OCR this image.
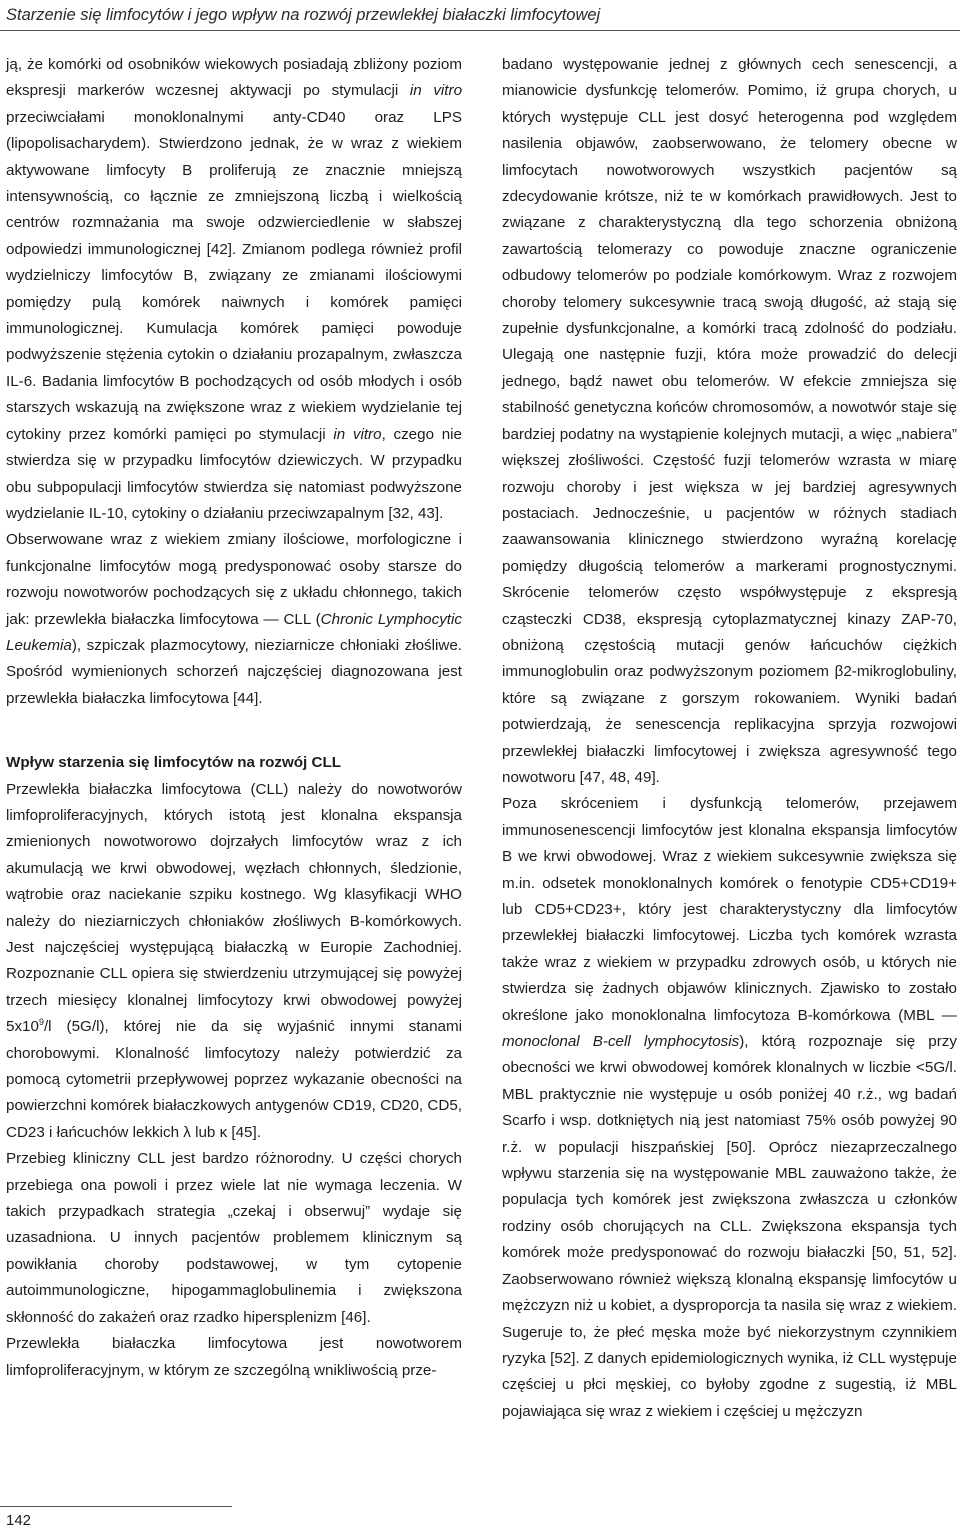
Starzenie się limfocytów i jego wpływ na rozwój przewlekłej białaczki limfocytowej

ją, że komórki od osobników wiekowych posiadają zbliżony poziom ekspresji markerów wczesnej aktywacji po stymulacji in vitro przeciwciałami monoklonalnymi anty-CD40 oraz LPS (lipopolisacharydem). Stwierdzono jednak, że w wraz z wiekiem aktywowane limfocyty B proliferują ze znacznie mniejszą intensywnością, co łącznie ze zmniejszoną liczbą i wielkością centrów rozmnażania ma swoje odzwierciedlenie w słabszej odpowiedzi immunologicznej [42]. Zmianom podlega również profil wydzielniczy limfocytów B, związany ze zmianami ilościowymi pomiędzy pulą komórek naiwnych i komórek pamięci immunologicznej. Kumulacja komórek pamięci powoduje podwyższenie stężenia cytokin o działaniu prozapalnym, zwłaszcza IL-6. Badania limfocytów B pochodzących od osób młodych i osób starszych wskazują na zwiększone wraz z wiekiem wydzielanie tej cytokiny przez komórki pamięci po stymulacji in vitro, czego nie stwierdza się w przypadku limfocytów dziewiczych. W przypadku obu subpopulacji limfocytów stwierdza się natomiast podwyższone wydzielanie IL-10, cytokiny o działaniu przeciwzapalnym [32, 43].

Obserwowane wraz z wiekiem zmiany ilościowe, morfologiczne i funkcjonalne limfocytów mogą predysponować osoby starsze do rozwoju nowotworów pochodzących się z układu chłonnego, takich jak: przewlekła białaczka limfocytowa — CLL (Chronic Lymphocytic Leukemia), szpiczak plazmocytowy, nieziarnicze chłoniaki złośliwe. Spośród wymienionych schorzeń najczęściej diagnozowana jest przewlekła białaczka limfocytowa [44].

Wpływ starzenia się limfocytów na rozwój CLL

Przewlekła białaczka limfocytowa (CLL) należy do nowotworów limfoproliferacyjnych, których istotą jest klonalna ekspansja zmienionych nowotworowo dojrzałych limfocytów wraz z ich akumulacją we krwi obwodowej, węzłach chłonnych, śledzionie, wątrobie oraz naciekanie szpiku kostnego. Wg klasyfikacji WHO należy do nieziarniczych chłoniaków złośliwych B-komórkowych. Jest najczęściej występującą białaczką w Europie Zachodniej. Rozpoznanie CLL opiera się stwierdzeniu utrzymującej się powyżej trzech miesięcy klonalnej limfocytozy krwi obwodowej powyżej $5x10^9/l$ (5G/l), której nie da się wyjaśnić innymi stanami chorobowymi. Klonalność limfocytozy należy potwierdzić za pomocą cytometrii przepływowej poprzez wykazanie obecności na powierzchni komórek białaczkowych antygenów CD19, CD20, CD5, CD23 i łańcuchów lekkich λ lub κ [45].

Przebieg kliniczny CLL jest bardzo różnorodny. U części chorych przebiega ona powoli i przez wiele lat nie wymaga leczenia. W takich przypadkach strategia „czekaj i obserwuj” wydaje się uzasadniona. U innych pacjentów problemem klinicznym są powikłania choroby podstawowej, w tym cytopenie autoimmunologiczne, hipogammaglobulinemia i zwiększona skłonność do zakażeń oraz rzadko hipersplenizm [46].

Przewlekła białaczka limfocytowa jest nowotworem limfoproliferacyjnym, w którym ze szczególną wnikliwością prze-

badano występowanie jednej z głównych cech senescencji, a mianowicie dysfunkcję telomerów. Pomimo, iż grupa chorych, u których występuje CLL jest dosyć heterogenna pod względem nasilenia objawów, zaobserwowano, że telomery obecne w limfocytach nowotworowych wszystkich pacjentów są zdecydowanie krótsze, niż te w komórkach prawidłowych. Jest to związane z charakterystyczną dla tego schorzenia obniżoną zawartością telomerazy co powoduje znaczne ograniczenie odbudowy telomerów po podziale komórkowym. Wraz z rozwojem choroby telomery sukcesywnie tracą swoją długość, aż stają się zupełnie dysfunkcjonalne, a komórki tracą zdolność do podziału. Ulegają one następnie fuzji, która może prowadzić do delecji jednego, bądź nawet obu telomerów. W efekcie zmniejsza się stabilność genetyczna końców chromosomów, a nowotwór staje się bardziej podatny na wystąpienie kolejnych mutacji, a więc „nabiera” większej złośliwości. Częstość fuzji telomerów wzrasta w miarę rozwoju choroby i jest większa w jej bardziej agresywnych postaciach. Jednocześnie, u pacjentów w różnych stadiach zaawansowania klinicznego stwierdzono wyraźną korelację pomiędzy długością telomerów a markerami prognostycznymi. Skrócenie telomerów często współwystępuje z ekspresją cząsteczki CD38, ekspresją cytoplazmatycznej kinazy ZAP-70, obniżoną częstością mutacji genów łańcuchów ciężkich immunoglobulin oraz podwyższonym poziomem β2-mikroglobuliny, które są związane z gorszym rokowaniem. Wyniki badań potwierdzają, że senescencja replikacyjna sprzyja rozwojowi przewlekłej białaczki limfocytowej i zwiększa agresywność tego nowotworu [47, 48, 49].

Poza skróceniem i dysfunkcją telomerów, przejawem immunosenescencji limfocytów jest klonalna ekspansja limfocytów B we krwi obwodowej. Wraz z wiekiem sukcesywnie zwiększa się m.in. odsetek monoklonalnych komórek o fenotypie CD5+CD19+ lub CD5+CD23+, który jest charakterystyczny dla limfocytów przewlekłej białaczki limfocytowej. Liczba tych komórek wzrasta także wraz z wiekiem w przypadku zdrowych osób, u których nie stwierdza się żadnych objawów klinicznych. Zjawisko to zostało określone jako monoklonalna limfocytoza B-komórkowa (MBL — monoclonal B-cell lymphocytosis), którą rozpoznaje się przy obecności we krwi obwodowej komórek klonalnych w liczbie <5G/l. MBL praktycznie nie występuje u osób poniżej 40 r.ż., wg badań Scarfo i wsp. dotkniętych nią jest natomiast 75% osób powyżej 90 r.ż. w populacji hiszpańskiej [50]. Oprócz niezaprzeczalnego wpływu starzenia się na występowanie MBL zauważono także, że populacja tych komórek jest zwiększona zwłaszcza u członków rodziny osób chorujących na CLL. Zwiększona ekspansja tych komórek może predysponować do rozwoju białaczki [50, 51, 52]. Zaobserwowano również większą klonalną ekspansję limfocytów u mężczyzn niż u kobiet, a dysproporcja ta nasila się wraz z wiekiem. Sugeruje to, że płeć męska może być niekorzystnym czynnikiem ryzyka [52]. Z danych epidemiologicznych wynika, iż CLL występuje częściej u płci męskiej, co byłoby zgodne z sugestią, iż MBL pojawiająca się wraz z wiekiem i częściej u mężczyzn

142
